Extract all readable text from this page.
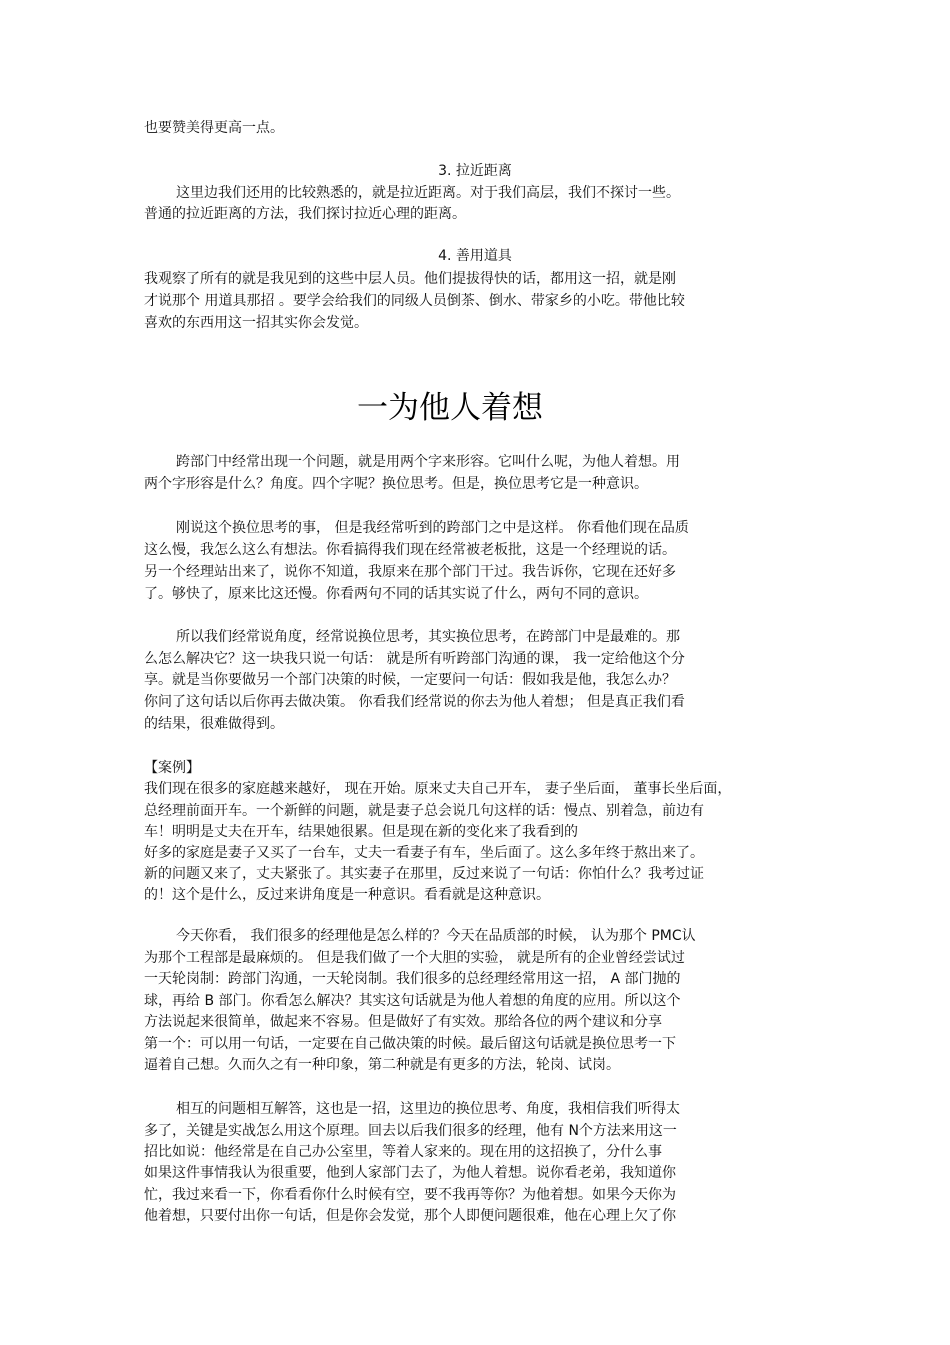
也要赞美得更高一点。
3. 拉近距离
这里边我们还用的比较熟悉的，就是拉近距离。对于我们高层，我们不探讨一些。
普通的拉近距离的方法，我们探讨拉近心理的距离。
4. 善用道具
我观察了所有的就是我见到的这些中层人员。他们提拔得快的话，都用这一招，就是刚
才说那个 用道具那招 。要学会给我们的同级人员倒茶、倒水、带家乡的小吃。带他比较
喜欢的东西用这一招其实你会发觉。
一为他人着想
跨部门中经常出现一个问题，就是用两个字来形容。它叫什么呢，为他人着想。用
两个字形容是什么？角度。四个字呢？换位思考。但是，换位思考它是一种意识。
刚说这个换位思考的事， 但是我经常听到的跨部门之中是这样。 你看他们现在品质
这么慢，我怎么这么有想法。你看搞得我们现在经常被老板批，这是一个经理说的话。
另一个经理站出来了，说你不知道，我原来在那个部门干过。我告诉你，它现在还好多
了。够快了，原来比这还慢。你看两句不同的话其实说了什么，两句不同的意识。
所以我们经常说角度，经常说换位思考，其实换位思考，在跨部门中是最难的。那
么怎么解决它？这一块我只说一句话： 就是所有听跨部门沟通的课， 我一定给他这个分
享。就是当你要做另一个部门决策的时候，一定要问一句话：假如我是他，我怎么办？
你问了这句话以后你再去做决策。 你看我们经常说的你去为他人着想； 但是真正我们看
的结果，很难做得到。
【案例】
我们现在很多的家庭越来越好， 现在开始。原来丈夫自己开车， 妻子坐后面， 董事长坐后面，
总经理前面开车。一个新鲜的问题，就是妻子总会说几句这样的话：慢点、别着急，前边有
车！明明是丈夫在开车，结果她很累。但是现在新的变化来了我看到的
好多的家庭是妻子又买了一台车，丈夫一看妻子有车，坐后面了。这么多年终于熬出来了。
新的问题又来了，丈夫紧张了。其实妻子在那里，反过来说了一句话：你怕什么？我考过证
的！这个是什么，反过来讲角度是一种意识。看看就是这种意识。
今天你看， 我们很多的经理他是怎么样的？今天在品质部的时候， 认为那个 PMC认
为那个工程部是最麻烦的。 但是我们做了一个大胆的实验， 就是所有的企业曾经尝试过
一天轮岗制：跨部门沟通，一天轮岗制。我们很多的总经理经常用这一招， A 部门抛的
球，再给 B 部门。你看怎么解决？其实这句话就是为他人着想的角度的应用。所以这个
方法说起来很简单，做起来不容易。但是做好了有实效。那给各位的两个建议和分享
第一个：可以用一句话，一定要在自己做决策的时候。最后留这句话就是换位思考一下
逼着自己想。久而久之有一种印象，第二种就是有更多的方法，轮岗、试岗。
相互的问题相互解答，这也是一招，这里边的换位思考、角度，我相信我们听得太
多了，关键是实战怎么用这个原理。回去以后我们很多的经理，他有 N个方法来用这一
招比如说：他经常是在自己办公室里，等着人家来的。现在用的这招换了，分什么事
如果这件事情我认为很重要，他到人家部门去了，为他人着想。说你看老弟，我知道你
忙，我过来看一下，你看看你什么时候有空，要不我再等你？为他着想。如果今天你为
他着想，只要付出你一句话，但是你会发觉，那个人即便问题很难，他在心理上欠了你
